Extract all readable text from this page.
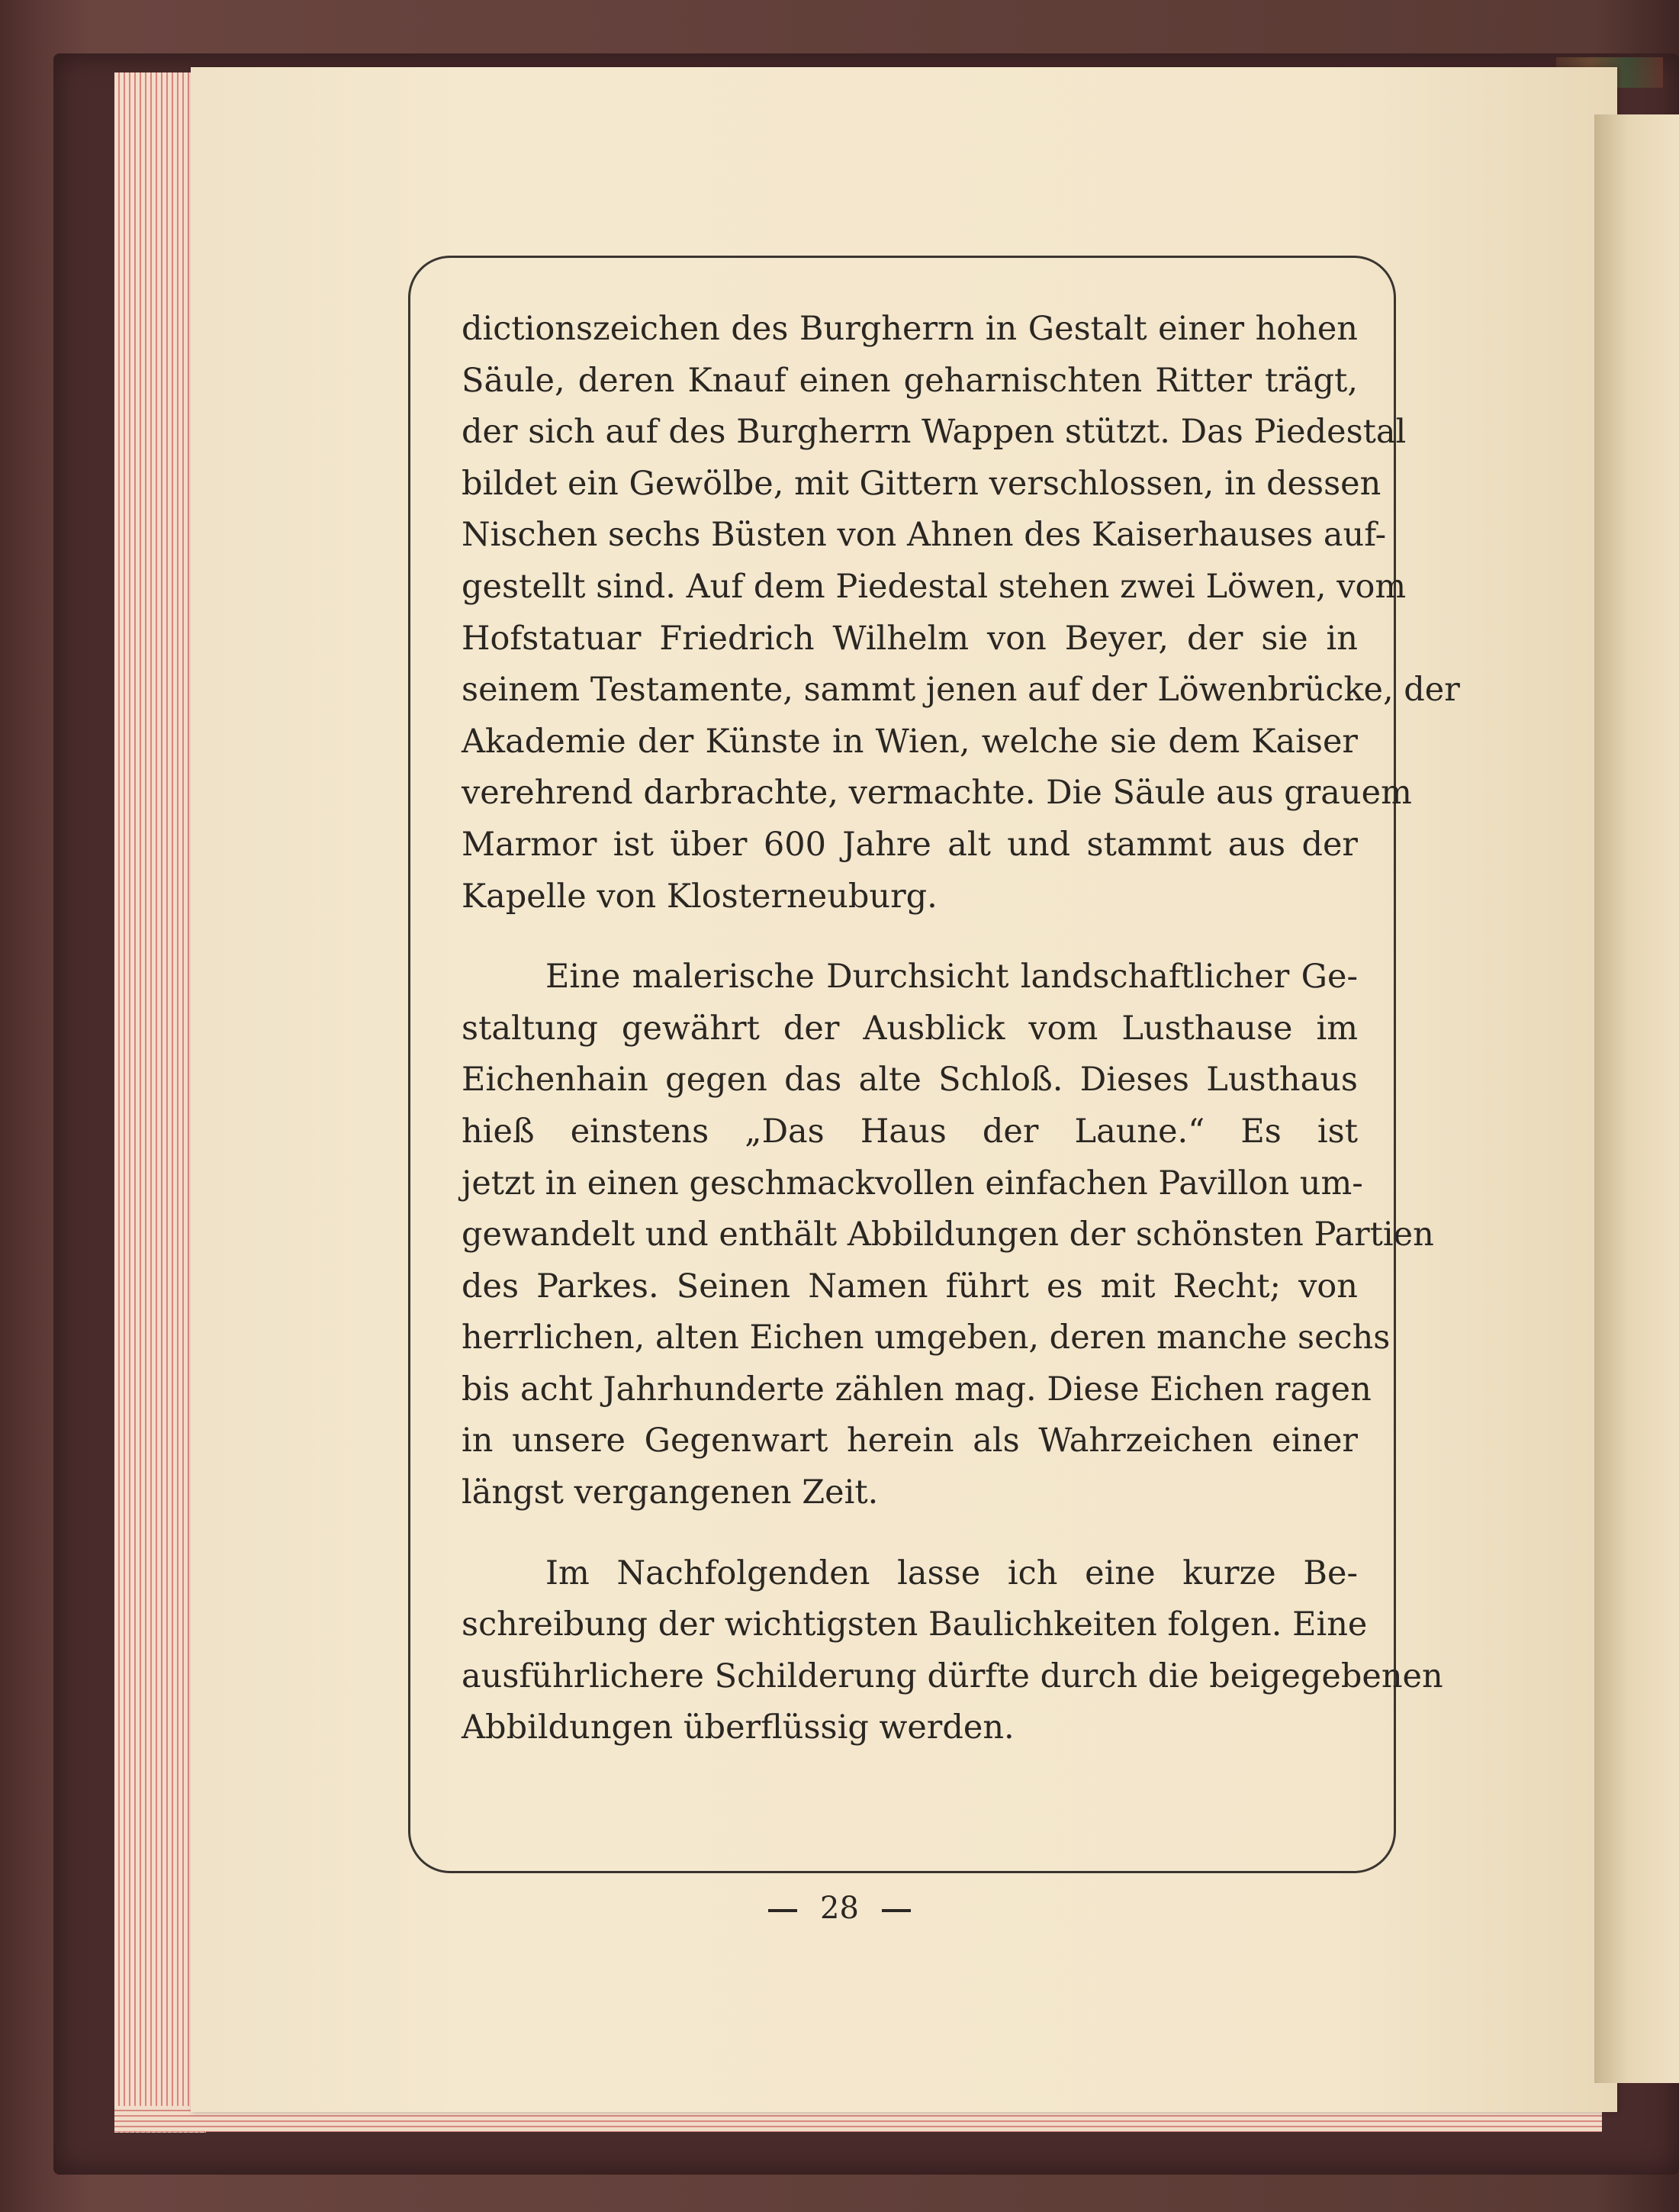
dictionszeichen des Burgherrn in Gestalt einer hohen
Säule, deren Knauf einen geharnischten Ritter trägt,
der sich auf des Burgherrn Wappen stützt. Das Piedestal
bildet ein Gewölbe, mit Gittern verschlossen, in dessen
Nischen sechs Büsten von Ahnen des Kaiserhauses auf-
gestellt sind. Auf dem Piedestal stehen zwei Löwen, vom
Hofstatuar Friedrich Wilhelm von Beyer, der sie in
seinem Testamente, sammt jenen auf der Löwenbrücke, der
Akademie der Künste in Wien, welche sie dem Kaiser
verehrend darbrachte, vermachte. Die Säule aus grauem
Marmor ist über 600 Jahre alt und stammt aus der
Kapelle von Klosterneuburg.

Eine malerische Durchsicht landschaftlicher Ge-
staltung gewährt der Ausblick vom Lusthause im
Eichenhain gegen das alte Schloß. Dieses Lusthaus
hieß einstens „Das Haus der Laune.“ Es ist
jetzt in einen geschmackvollen einfachen Pavillon um-
gewandelt und enthält Abbildungen der schönsten Partien
des Parkes. Seinen Namen führt es mit Recht; von
herrlichen, alten Eichen umgeben, deren manche sechs
bis acht Jahrhunderte zählen mag. Diese Eichen ragen
in unsere Gegenwart herein als Wahrzeichen einer
längst vergangenen Zeit.

Im Nachfolgenden lasse ich eine kurze Be-
schreibung der wichtigsten Baulichkeiten folgen. Eine
ausführlichere Schilderung dürfte durch die beigegebenen
Abbildungen überflüssig werden.

28
